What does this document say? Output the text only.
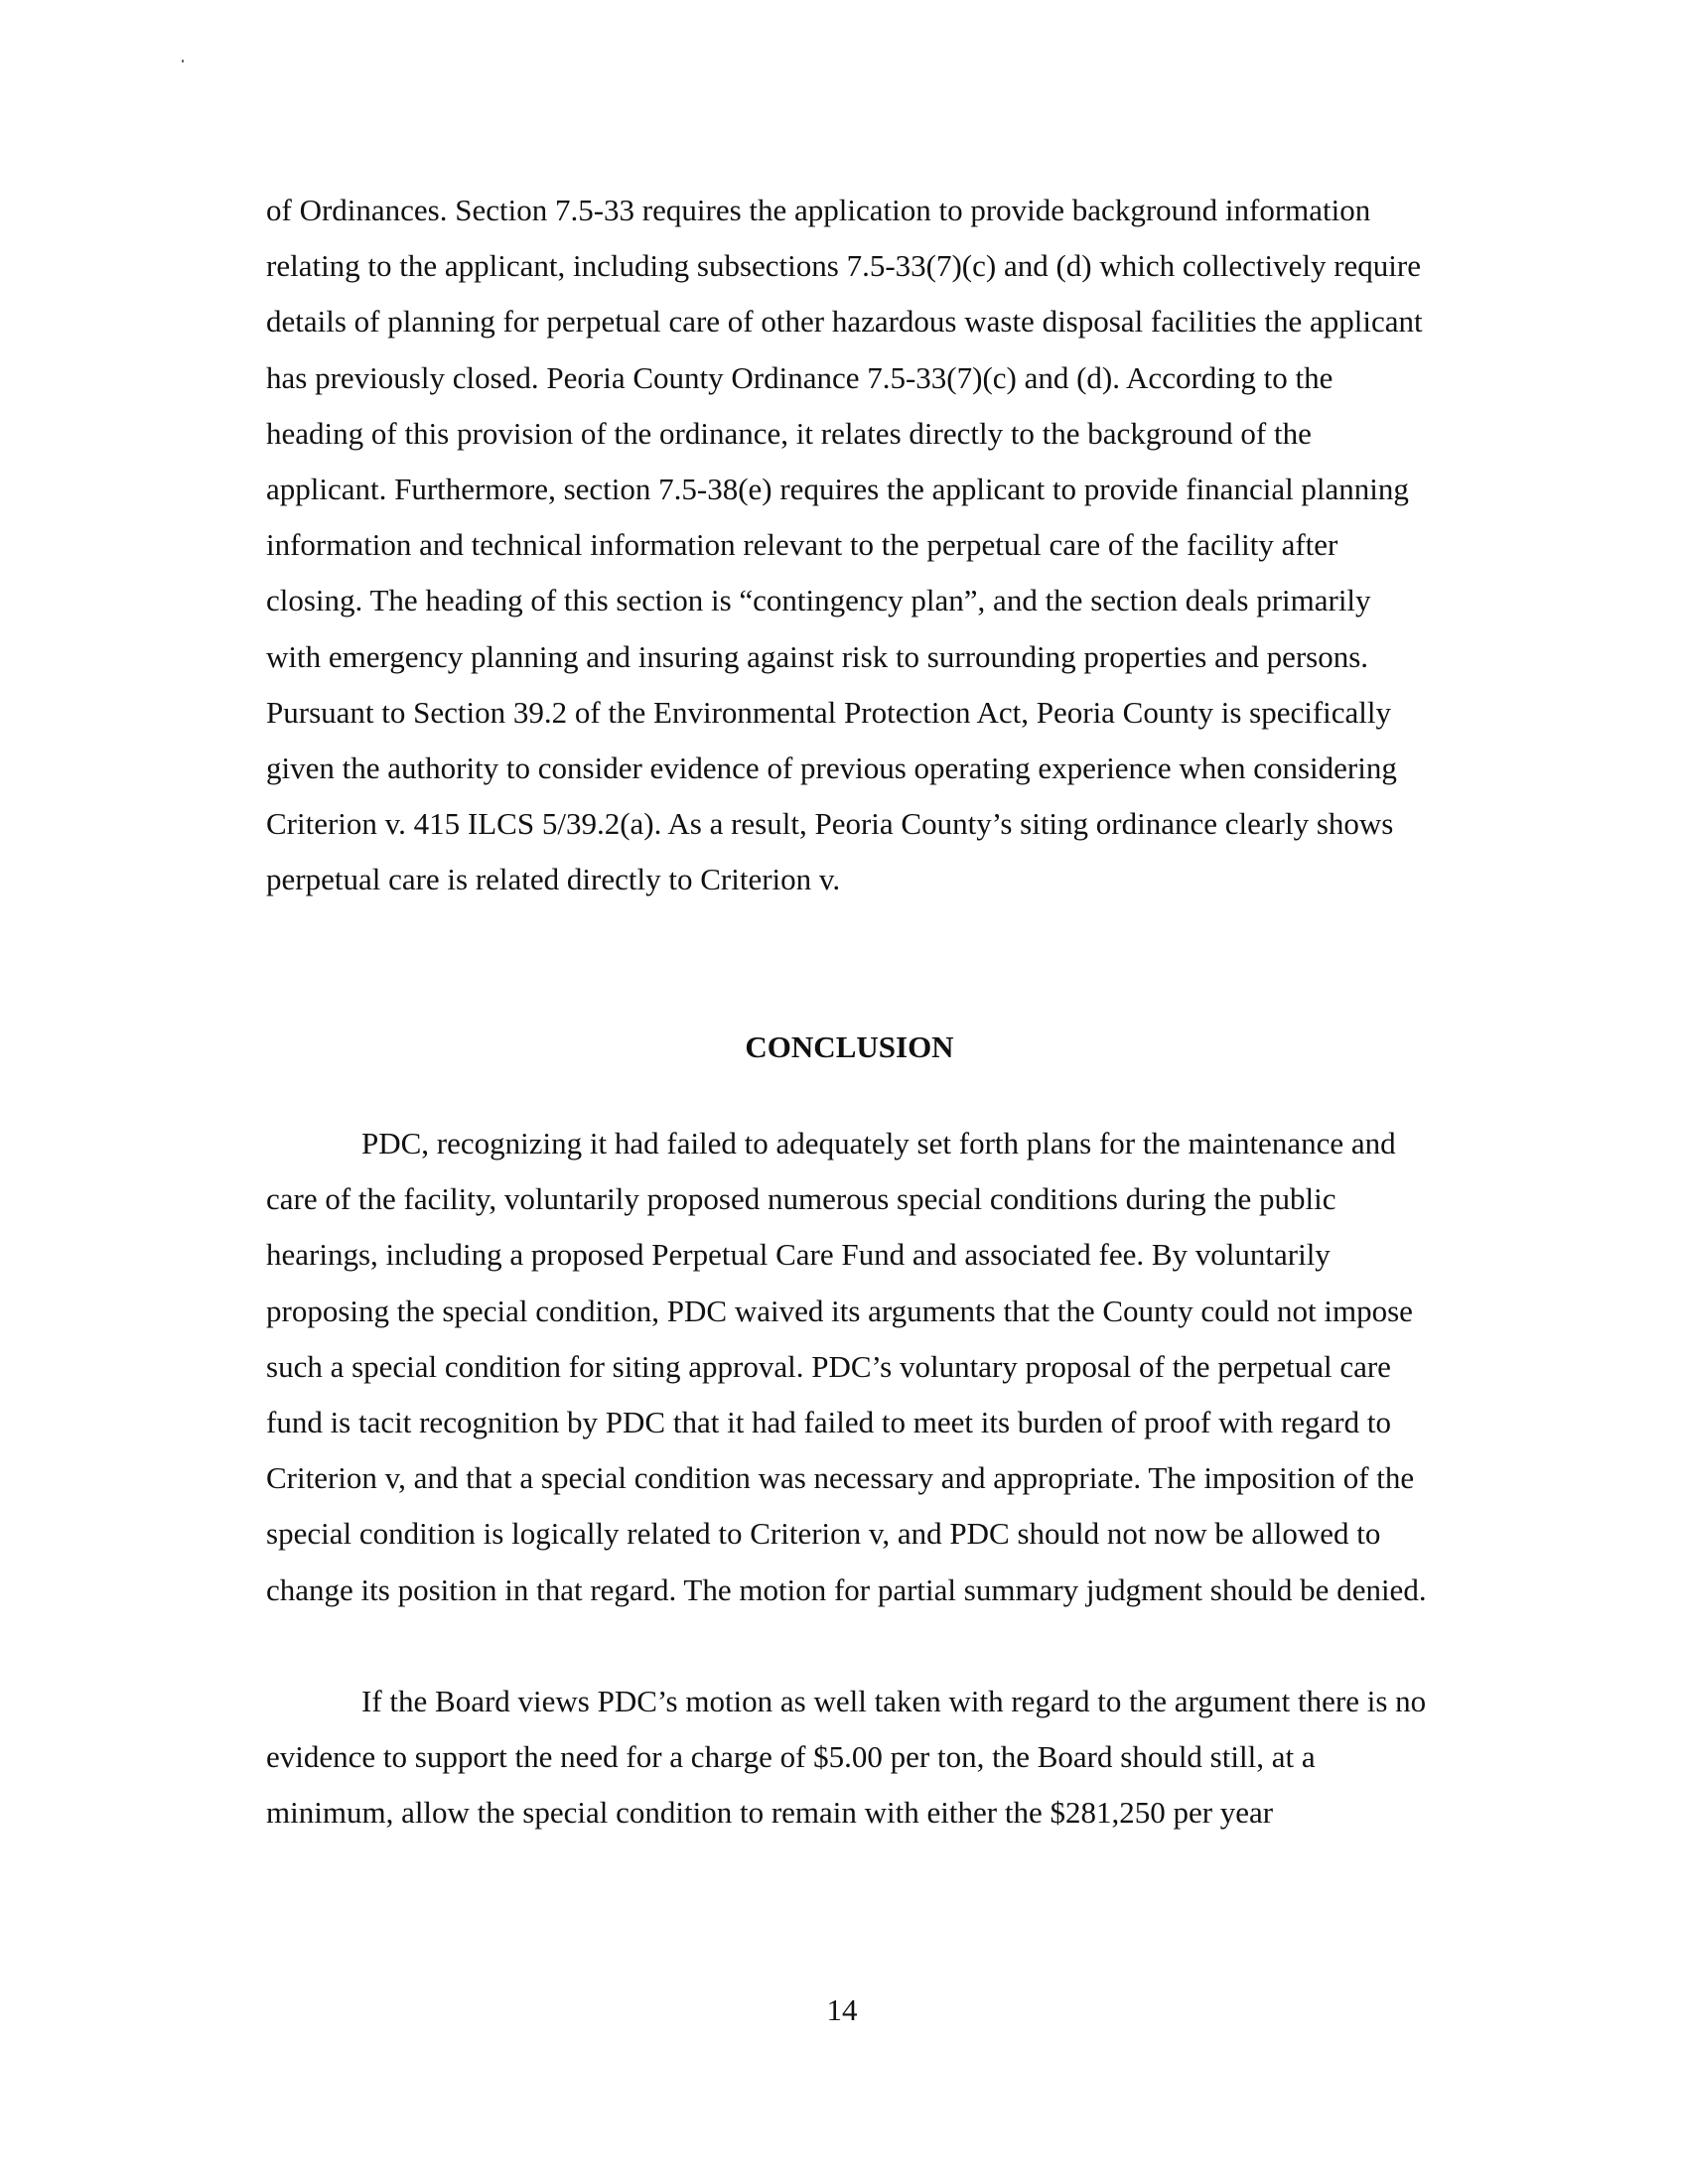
of Ordinances. Section 7.5-33 requires the application to provide background information relating to the applicant, including subsections 7.5-33(7)(c) and (d) which collectively require details of planning for perpetual care of other hazardous waste disposal facilities the applicant has previously closed. Peoria County Ordinance 7.5-33(7)(c) and (d). According to the heading of this provision of the ordinance, it relates directly to the background of the applicant. Furthermore, section 7.5-38(e) requires the applicant to provide financial planning information and technical information relevant to the perpetual care of the facility after closing. The heading of this section is “contingency plan”, and the section deals primarily with emergency planning and insuring against risk to surrounding properties and persons. Pursuant to Section 39.2 of the Environmental Protection Act, Peoria County is specifically given the authority to consider evidence of previous operating experience when considering Criterion v. 415 ILCS 5/39.2(a). As a result, Peoria County’s siting ordinance clearly shows perpetual care is related directly to Criterion v.

CONCLUSION

PDC, recognizing it had failed to adequately set forth plans for the maintenance and care of the facility, voluntarily proposed numerous special conditions during the public hearings, including a proposed Perpetual Care Fund and associated fee. By voluntarily proposing the special condition, PDC waived its arguments that the County could not impose such a special condition for siting approval. PDC’s voluntary proposal of the perpetual care fund is tacit recognition by PDC that it had failed to meet its burden of proof with regard to Criterion v, and that a special condition was necessary and appropriate. The imposition of the special condition is logically related to Criterion v, and PDC should not now be allowed to change its position in that regard. The motion for partial summary judgment should be denied.

If the Board views PDC’s motion as well taken with regard to the argument there is no evidence to support the need for a charge of $5.00 per ton, the Board should still, at a minimum, allow the special condition to remain with either the $281,250 per year

14
